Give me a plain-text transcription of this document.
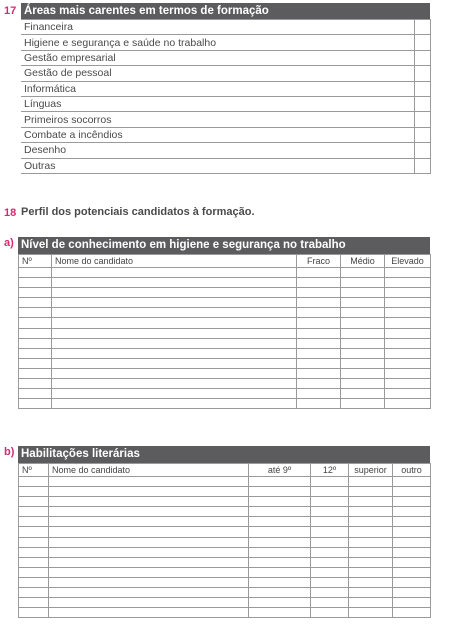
17 Áreas mais carentes em termos de formação
Financeira	
Higiene e segurança e saúde no trabalho	
Gestão empresarial	
Gestão de pessoal	
Informática	
Línguas	
Primeiros socorros	
Combate a incêndios	
Desenho	
Outras	
18 Perfil dos potenciais candidatos à formação.
a) Nível de conhecimento em higiene e segurança no trabalho
Nº	Nome do candidato	Fraco	Médio	Elevado

b) Habilitações literárias
Nº	Nome do candidato	até 9º	12º	superior	outro
